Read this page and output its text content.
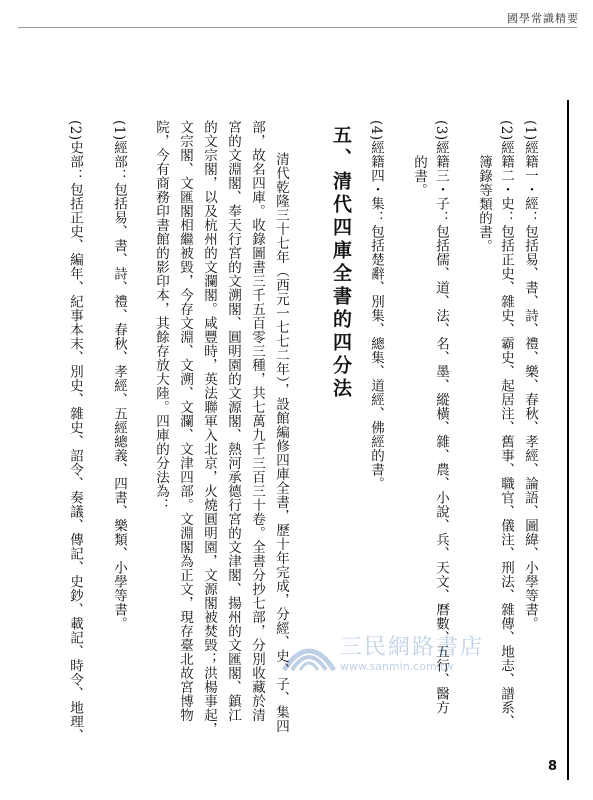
國學常識精要
(1)經籍一・經：包括易、書、詩、禮、樂、春秋、孝經、論語、圖緯、小學等書。
(2)經籍二・史：包括正史、雜史、霸史、起居注、舊事、職官、儀注、刑法、雜傳、地志、譜系、
簿錄等類的書。
(3)經籍三・子：包括儒、道、法、名、墨、縱橫、雜、農、小說、兵、天文、曆數、五行、醫方
的書。
(4)經籍四・集：包括楚辭、別集、總集、道經、佛經的書。
五、清代四庫全書的四分法
清代乾隆三十七年（西元一七七二年），設館編修四庫全書，歷十年完成，分經、史、子、集四
部，故名四庫。收錄圖書三千五百零三種，共七萬九千三百三十卷。全書分抄七部，分別收藏於清
宮的文淵閣、奉天行宮的文溯閣、圓明園的文源閣、熱河承德行宮的文津閣、揚州的文匯閣、鎮江
的文宗閣，以及杭州的文瀾閣。咸豐時，英法聯軍入北京，火燒圓明園，文源閣被焚毀；洪楊事起，
文宗閣、文匯閣相繼被毀，今存文淵、文溯、文瀾、文津四部。文淵閣為正文，現存臺北故宮博物
院，今有商務印書館的影印本，其餘存放大陸。四庫的分法為：
(1)經部：包括易、書、詩、禮、春秋、孝經、五經總義、四書、樂類、小學等書。
(2)史部：包括正史、編年、紀事本末、別史、雜史、詔令、奏議、傳記、史鈔、載記、時令、地理、	三民網路書店
www.sanmin.com.tw
8
